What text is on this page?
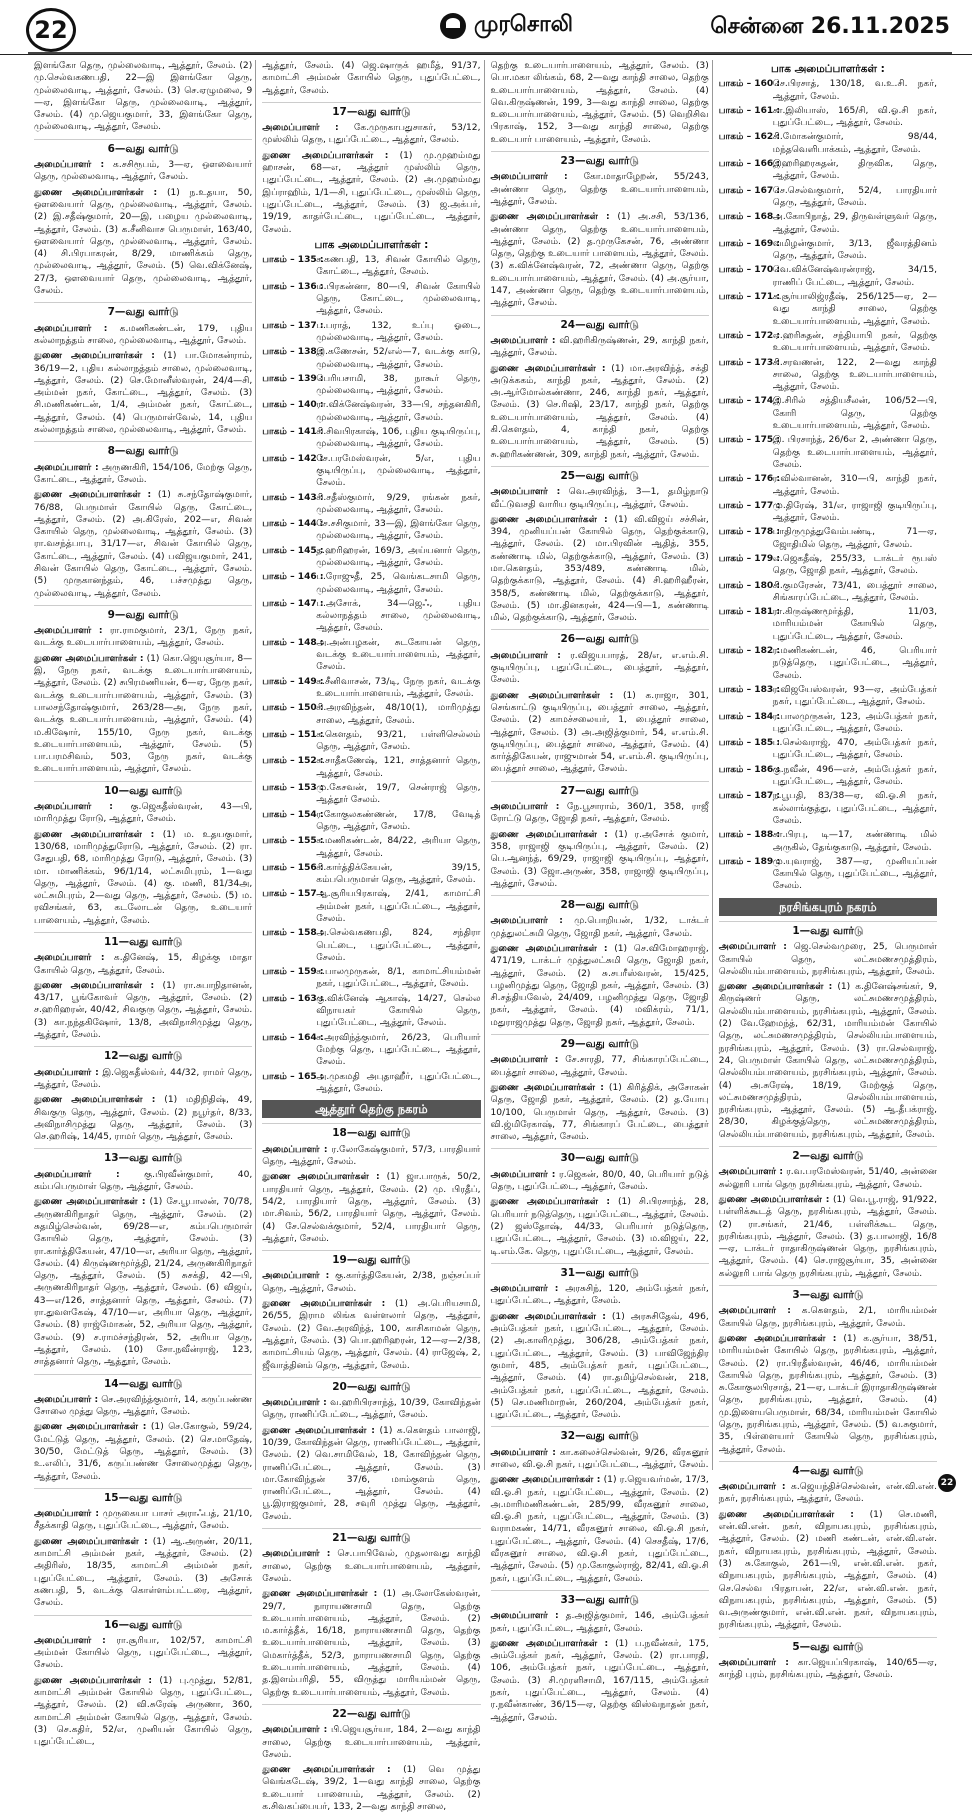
22	முரசொலி	சென்னை 26.11.2025

இளங்கோ தெரு, முல்லைவாடி, ஆத்தூர், சேலம். (2) மு.செல்வகணபதி, 22—இ இளங்கோ தெரு, முல்லைவாடி, ஆத்தூர், சேலம். (3) செ.ஏழுமலை, 9—ஏ, இளங்கோ தெரு, முல்லைவாடி, ஆத்தூர், சேலம். (4) மு.ஜெயகுமார், 33, இளங்கோ தெரு, முல்லைவாடி, ஆத்தூர், சேலம்.

6—வது வார்டு

அமைப்பாளர் : க.சசிரூபம், 3—ஏ, ஔவையார் தெரு, முல்லைவாடி, ஆத்தூர், சேலம்.

துணை அமைப்பாளர்கள் : (1) ந.உதயா, 50, ஔவையார் தெரு, முல்லைவாடி, ஆத்தூர், சேலம். (2) இ.சதீஷ்குமார், 20—இ, பழைய முல்லைவாடி, ஆத்தூர், சேலம். (3) க.சீனிவாச பெருமாள், 163/40, ஔவையார் தெரு, முல்லைவாடி, ஆத்தூர், சேலம். (4) சி.பிரபாகரன், 8/29, மாணிக்கம் தெரு, முல்லைவாடி, ஆத்தூர், சேலம். (5) வெ.விக்னேஷ், 27/3, ஔவையார் தெரு, முல்லைவாடி, ஆத்தூர், சேலம்.

7—வது வார்டு

அமைப்பாளர் : க.மணிகண்டன், 179, புதிய கல்லாநத்தம் சாலை, முல்லைவாடி, ஆத்தூர், சேலம்.

துணை அமைப்பாளர்கள் : (1) பா.மோகன்ராம், 36/19—2, புதிய கல்லாநத்தம் சாலை, முல்லைவாடி, ஆத்தூர், சேலம். (2) செ.மோனீஸ்வரன், 24/4—சி, அம்மன் நகர், கோட்டை, ஆத்தூர், சேலம். (3) சி.மணிகண்டன், 1/4, அம்மன் நகர், கோட்டை, ஆத்தூர், சேலம். (4) பெருமாள்வேல், 14, புதிய கல்லாநத்தம் சாலை, முல்லைவாடி, ஆத்தூர், சேலம்.

8—வது வார்டு

அமைப்பாளர் : அருணகிரி, 154/106, மேற்கு தெரு, கோட்டை, ஆத்தூர், சேலம்.

துணை அமைப்பாளர்கள் : (1) சு.சந்தோஷ்குமார், 76/88, பெருமாள் கோயில் தெரு, கோட்டை, ஆத்தூர், சேலம். (2) அ.கிரேஸ், 202—எ, சிவன் கோயில் தெரு, முல்லைவாடி, ஆத்தூர், சேலம். (3) ரா.வசந்த்பாபு, 31/17—எ, சிவன் கோயில் தெரு, கோட்டை, ஆத்தூர், சேலம். (4) பவிஜயகுமார், 241, சிவன் கோயில் தெரு, கோட்டை, ஆத்தூர், சேலம். (5) முருகானந்தம், 46, பச்சமுத்து தெரு, முல்லைவாடி, ஆத்தூர், சேலம்.

9—வது வார்டு

அமைப்பாளர் : ரா.ராமகுமார், 23/1, நேரு நகர், வடக்கு உடையார்பாளையம், ஆத்தூர், சேலம்.

துணை அமைப்பாளர்கள் : (1) கொ.ஜெயசூர்யா, 8—இ, நேரு நகர், வடக்கு உடையார்பாளையம், ஆத்தூர், சேலம். (2) சுபிரமணியன், 6—ஏ, நேரு நகர், வடக்கு உடையார்பாளையம், ஆத்தூர், சேலம். (3) பாலசந்தோஷ்குமார், 263/28—அ, நேரு நகர், வடக்கு உடையார்பாளையம், ஆத்தூர், சேலம். (4) ம.கிஷோர், 155/10, நேரு நகர், வடக்கு உடையார்பாளையம், ஆத்தூர், சேலம். (5) பா.பரமசிவம், 503, நேரு நகர், வடக்கு உடையார்பாளையம், ஆத்தூர், சேலம்.

10—வது வார்டு

அமைப்பாளர் : கு.ஜெகதீஸ்வரன், 43—பி, மாரிமுத்து ரோடு, ஆத்தூர், சேலம்.

துணை அமைப்பாளர்கள் : (1) ம. உதயகுமார், 130/68, மாரிமுத்துரோடு, ஆத்தூர், சேலம். (2) ரா. சேதுபதி, 68, மாரிமுத்து ரோடு, ஆத்தூர், சேலம். (3) மா. மாணிக்கம், 96/1/14, லட்சுமிபுரம், 1—வது தெரு, ஆத்தூர், சேலம். (4) கு. மணி, 81/34அ, லட்சுமிபுரம், 2—வது தெரு, ஆத்தூர், சேலம். (5) ம. ரவிசங்கர், 63, கடலோடன் தெரு, உடையார் பாளையம், ஆத்தூர், சேலம்.

11—வது வார்டு

அமைப்பாளர் : க.தினேஷ், 15, கிழக்கு மாதா கோயில் தெரு, ஆத்தூர், சேலம்.

துணை அமைப்பாளர்கள் : (1) ரா.சுபாநிதானன், 43/17, பூங்கோவர் தெரு, ஆத்தூர், சேலம். (2) ச.ஹரிஹரன், 40/42, சிவகுரு தெரு, ஆத்தூர், சேலம். (3) கா.நந்தகிஷோர், 13/8, அவிநாசிமுத்து தெரு, ஆத்தூர், சேலம்.

12—வது வார்டு

அமைப்பாளர் : இ.ஜெகதீஸ்வர், 44/32, ராமர் தெரு, ஆத்தூர், சேலம்.

துணை அமைப்பாளர்கள் : (1) மதிநிதிஷ், 49, சிவகுரு தெரு, ஆத்தூர், சேலம். (2) நபூர்தர், 8/33, அவிநாசிமுத்து தெரு, ஆத்தூர், சேலம். (3) செ.ஹரிஷ், 14/45, ராமர் தெரு, ஆத்தூர், சேலம்.

13—வது வார்டு

அமைப்பாளர் : கு.பிரவீன்குமார், 40, கம்பபெருமாள் தெரு, ஆத்தூர், சேலம்.

துணை அமைப்பாளர்கள் : (1) சே.பூபாலன், 70/78, அருணகிரிநாதர் தெரு, ஆத்தூர், சேலம். (2) சுதமிழ்செல்வன், 69/28—எ, கம்பபெருமாள் கோயில் தெரு, ஆத்தூர், சேலம். (3) ரா.கார்த்திகேயன், 47/10—எ, அரியா தெரு, ஆத்தூர், சேலம். (4) கிருஷ்ணமூர்த்தி, 21/24, அருணகிரிநாதர் தெரு, ஆத்தூர், சேலம். (5) சுசக்தி, 42—பி, அருணகிரிநாதர் தெரு, ஆத்தூர், சேலம். (6) விஜய், 43—எ/126, சாத்தனார் தெரு, ஆத்தூர், சேலம். (7) ரா.துவளகேஷ், 47/10—எ, அரியா தெரு, ஆத்தூர், சேலம். (8) ராஜ்மோகன், 52, அரியா தெரு, ஆத்தூர், சேலம். (9) ச.ராமச்சந்திரன், 52, அரியா தெரு, ஆத்தூர், சேலம். (10) சோ.நவீன்ராஜ், 123, சாத்தனார் தெரு, ஆத்தூர், சேலம்.

14—வது வார்டு

அமைப்பாளர் : செ.அரவிந்த்குமார், 14, கருப்பண்ண சோலை முத்து தெரு, ஆத்தூர், சேலம்.

துணை அமைப்பாளர்கள் : (1) செ.கோகுல், 59/24, மேட்டுத் தெரு, ஆத்தூர், சேலம். (2) செ.மாதேஷ், 30/50, மேட்டுத் தெரு, ஆத்தூர், சேலம். (3) உ.எலிப், 31/6, கருப்பண்ண சோலைமுத்து தெரு, ஆத்தூர், சேலம்.

15—வது வார்டு

அமைப்பாளர் : முருகையா பாசர் அராஃபத், 21/10, சீதக்காதி தெரு, புதுப்பேட்டை, ஆத்தூர், சேலம்.

துணை அமைப்பாளர்கள் : (1) ஆ.அருண், 20/11, காமாட்சி அம்மன் நகர், ஆத்தூர், சேலம். (2) அதிரிஸ், 18/35, காமாட்சி அம்மன் நகர், புதுப்பேட்டை, ஆத்தூர், சேலம். (3) அசோக் கணபதி, 5, வடக்கு கொள்ளம்பட்டரை, ஆத்தூர், சேலம்.

16—வது வார்டு

அமைப்பாளர் : ரா.சூரியா, 102/57, காமாட்சி அம்மன் கோயில் தெரு, புதுப்பேட்டை, ஆத்தூர், சேலம்.

துணை அமைப்பாளர்கள் : (1) பு.முத்து, 52/81, காமாட்சி அம்மன் கோயில் தெரு, புதுப்பேட்டை, ஆத்தூர், சேலம். (2) வி.சுரேஷ் அருணா, 360, காமாட்சி அம்மன் கோயில் தெரு, ஆத்தூர், சேலம். (3) செ.கதிர், 52/எ, முனியன் கோயில் தெரு, புதுப்பேட்டை,

ஆத்தூர், சேலம். (4) ஜெ.ஷாருக் ஹமீத், 91/37, காமாட்சி அம்மன் கோயில் தெரு, புதுப்பேட்டை, ஆத்தூர், சேலம்.

17—வது வார்டு

அமைப்பாளர் : கே.முருகாபதுசாகர், 53/12, முஸ்லிம் தெரு, புதுப்பேட்டை, ஆத்தூர், சேலம்.

துணை அமைப்பாளர்கள் : (1) மு.முஹம்மது ஹாசன், 68—எ, ஆத்தூர் முஸ்லிம் தெரு, புதுப்பேட்டை, ஆத்தூர், சேலம். (2) அ.முஹம்மது இப்ராஹிம், 1/1—சி, புதுப்பேட்டை, முஸ்லிம் தெரு, புதுப்பேட்டை, ஆத்தூர், சேலம். (3) ஜ.அக்பர், 19/19, காதர்பேட்டை, புதுப்பேட்டை, ஆத்தூர், சேலம்.

பாக அமைப்பாளர்கள் :
பாகம் – 135 :
ச.கணபதி, 13, சிவன் கோயில் தெரு, கோட்டை, ஆத்தூர், சேலம்.
பாகம் – 136 :
ம.பிரகன்னா, 80—பி, சிவன் கோயில் தெரு, கோட்டை, முல்லைவாடி, ஆத்தூர், சேலம்.
பாகம் – 137 :
ப.பராத், 132, உப்பு ஓடை, முல்லைவாடி, ஆத்தூர், சேலம்.
பாகம் – 138 :
இ.கணேசன், 52/எல்—7, வடக்கு காடு, முல்லைவாடி, ஆத்தூர், சேலம்.
பாகம் – 139 :
பெரியசாமி, 38, நாகூர் தெரு, முல்லைவாடி, ஆத்தூர், சேலம்.
பாகம் – 140 :
ரா.விக்னேஷ்வரன், 33—பி, சந்தனகிரி, முல்லைவாடி, ஆத்தூர், சேலம்.
பாகம் – 141 :
சி.சிவபிரகாஷ், 106, புதிய குடியிருப்பு, முல்லைவாடி, ஆத்தூர், சேலம்.
பாகம் – 142 :
சே.பரமேஸ்வரன், 5/எ, புதிய குடியிருப்பு, முல்லைவாடி, ஆத்தூர், சேலம்.
பாகம் – 143 :
சி.சதீஸ்குமார், 9/29, ரங்கன் நகர், முல்லைவாடி, ஆத்தூர், சேலம்.
பாகம் – 144 :
சே.சசிகுமார், 33—இ, இளங்கோ தெரு, முல்லைவாடி, ஆத்தூர், சேலம்.
பாகம் – 145 :
த.ஹரிஹரன், 169/3, அய்யனார் தெரு, முல்லைவாடி, ஆத்தூர், சேலம்.
பாகம் – 146 :
ப.ரோஜுதீ, 25, வெங்கடசாமி தெரு, முல்லைவாடி, ஆத்தூர், சேலம்.
பாகம் – 147 :
ப.அசோக், 34—ஜெஃ, புதிய கல்லாநத்தம் சாலை, முல்லைவாடி, ஆத்தூர், சேலம்.
பாகம் – 148 :
அ.அன்பழகன், சுடகோயன் தெரு, வடக்கு உடையார்பாளையம், ஆத்தூர், சேலம்.
பாகம் – 149 :
க.சீனிவாசன், 73/டி, நேரு நகர், வடக்கு உடையார்பாளையம், ஆத்தூர், சேலம்.
பாகம் – 150 :
சி.அரவிந்தன், 48/10(1), மாரிமுத்து சாலை, ஆத்தூர், சேலம்.
பாகம் – 151 :
க.கௌதம், 93/21, பள்ளிசெல்லம் தெரு, ஆத்தூர், சேலம்.
பாகம் – 152 :
சு.சாதீகணேஷ், 121, சாத்தனார் தெரு, ஆத்தூர், சேலம்.
பாகம் – 153 :
மு.கேசவன், 19/7, சென்ராஜ் தெரு, ஆத்தூர் சேலம்.
பாகம் – 154 :
ர.கோகுலகண்ணன், 17/8, வேடித் தெரு, ஆத்தூர், சேலம்.
பாகம் – 155 :
க.மணிகண்டன், 84/22, அரியா தெரு, ஆத்தூர், சேலம்.
பாகம் – 156 :
சி.கார்த்திக்கேயன், 39/15, கம்பபெருமாள் தெரு, ஆத்தூர், சேலம்.
பாகம் – 157 :
ஆ.சூரியபிரகாஷ், 2/41, காமாட்சி அம்மன் நகர், புதுப்பேட்டை, ஆத்தூர், சேலம்.
பாகம் – 158 :
அ.செல்வகணபதி, 824, சந்திரா பெட்டை, புதுப்பேட்டை, ஆத்தூர், சேலம்.
பாகம் – 159 :
க.பாலமுருகன், 8/1, காமாட்சியம்மன் நகர், புதுப்பேட்டை, ஆத்தூர், சேலம்.
பாகம் – 163 :
கு.விக்னேஷ் ஆகாஷ், 14/27, செல்ல விநாயகர் கோயில் தெரு, புதுப்பேட்டை, ஆத்தூர், சேலம்.
பாகம் – 164 :
ச.அரவிந்த்குமார், 26/23, பெரியார் மேற்கு தெரு, புதுப்பேட்டை, ஆத்தூர், சேலம்.
பாகம் – 165 :
அ.முகமதி அபுதாஹீர், புதுப்பேட்டை, ஆத்தூர், சேலம்.
ஆத்தூர் தெற்கு நகரம்
18—வது வார்டு

அமைப்பாளர் : ர.லோகேஷ்குமார், 57/3, பாரதியார் தெரு, ஆத்தூர், சேலம்.

துணை அமைப்பாளர்கள் : (1) ஜா.பாருக், 50/2, பாரதியார் தெரு, ஆத்தூர், சேலம். (2) மு. பிரதீப், 54/2, பாரதியார் தெரு, ஆத்தூர், சேலம். (3) மா.சிவம், 56/2, பாரதியார் தெரு, ஆத்தூர், சேலம். (4) சே.செல்வக்குமார், 52/4, பாரதியார் தெரு, ஆத்தூர், சேலம்.

19—வது வார்டு

அமைப்பாளர் : கு.கார்த்திகேயன், 2/38, நஞ்சப்பர் தெரு, ஆத்தூர், சேலம்.

துணை அமைப்பாளர்கள் : (1) அ.பெரியசாமி, 26/55, இராம லிங்க வள்ளலார் தெரு, ஆத்தூர், சேலம். (2) வே.அரவிந்த், 100, காசிகாமன் தெரு, ஆத்தூர், சேலம். (3) பொ.ஹரிஹரன், 12—ஏ—2/38, காமாட்சியம் தெரு, ஆத்தூர், சேலம். (4) ராஜேஷ், 2, ஜீவாத்தினம் தெரு, ஆத்தூர், சேலம்.

20—வது வார்டு

அமைப்பாளர் : வ.ஹரிபிரசாந்த், 10/39, கோவிந்தன் தெரு, ராணிப்பேட்டை, ஆத்தூர், சேலம்.

துணை அமைப்பாளர்கள் : (1) க.கௌதம் பாலாஜி, 10/39, கோவிந்தன் தெரு, ராணிப்பேட்டை, ஆத்தூர், சேலம். (2) வெ.சாமிவேல், 18, கோவிந்தன் தெரு, ராணிப்பேட்டை, ஆத்தூர், சேலம். (3) மா.கோவிந்தன் 37/6, மாம்குளம் தெரு, ராணிப்பேட்டை, ஆத்தூர், சேலம். (4) பூ.இராஜகுமார், 28, சவுரி முத்து தெரு, ஆத்தூர், சேலம்.

21—வது வார்டு

அமைப்பாளர் : செ.பாபிவேல், முதலாவது காந்தி சாலை, தெற்கு உடையார்பாளையம், ஆத்தூர், சேலம்.

துணை அமைப்பாளர்கள் : (1) அ.லோகேஸ்வரன், 29/7, நாராயணசாமி தெரு, தெற்கு உடையார்பாளையம், ஆத்தூர், சேலம். (2) ம.கார்த்தீக், 16/18, நாராயணசாமி தெரு, தெற்கு உடையார்பாளையம், ஆத்தூர், சேலம். (3) மெகார்த்தீக், 52/3, நாராயணசாமி தெரு, தெற்கு உடையார்பாளையம், ஆத்தூர், சேலம். (4) த.இளம்பரிதி, 55, விருத்து மாரியம்மன் தெரு, தெற்கு உடையார்பாளையம், ஆத்தூர், சேலம்.

22—வது வார்டு

அமைப்பாளர் : பி.ஜெயசூர்யா, 184, 2—வது காந்தி சாலை, தெற்கு உடையார்பாளையம், ஆத்தூர், சேலம்.

துணை அமைப்பாளர்கள் : (1) வெ முத்து வெங்கடேஷ், 39/2, 1—வது காந்தி சாலை, தெற்கு உடையார் பாளையம், ஆத்தூர், சேலம். (2) க.சிவகப்பையர், 133, 2—வது காந்தி சாலை,

தெற்கு உடையார்பாளையம், ஆத்தூர், சேலம். (3) பொ.மகா லிங்கம், 68, 2—வது காந்தி சாலை, தெற்கு உடையார்பாளையம், ஆத்தூர், சேலம். (4) வெ.கிருஷ்ணன், 199, 3—வது காந்தி சாலை, தெற்கு உடையார்பாளையம், ஆத்தூர், சேலம். (5) வெறிசிவ பிரகாஷ், 152, 3—வது காந்தி சாலை, தெற்கு உடையார் பாளையம், ஆத்தூர், சேலம்.

23—வது வார்டு

அமைப்பாளர் : கோ.மாதாழேறன், 55/243, அண்ணா தெரு, தெற்கு உடையார்பாளையம், ஆத்தூர், சேலம்.

துணை அமைப்பாளர்கள் : (1) அ.சசி, 53/136, அண்ணா தெரு, தெற்கு உடையார்பாளையம், ஆத்தூர், சேலம். (2) த.முருகேசன், 76, அண்ணா தெரு, தெற்கு உடையார் பாளையம், ஆத்தூர், சேலம். (3) க.விக்னேஷ்வரன், 72, அண்ணா தெரு, தெற்கு உடையார்பாளையம், ஆத்தூர், சேலம். (4) அ.சூர்யா, 147, அண்ணா தெரு, தெற்கு உடையார்பாளையம், ஆத்தூர், சேலம்.

24—வது வார்டு

அமைப்பாளர் : வி.ஹரிகிருஷ்ணன், 29, காந்தி நகர், ஆத்தூர், சேலம்.

துணை அமைப்பாளர்கள் : (1) மா.அரவிந்த், சக்தி அடுக்ககம், காந்தி நகர், ஆத்தூர், சேலம். (2) அ.ஆர்மோல்கண்ணா, 246, காந்தி நகர், ஆத்தூர், சேலம். (3) செ.ரிஷி, 23/17, காந்தி நகர், தெற்கு உடையார்பாளையம், ஆத்தூர், சேலம். (4) கி.கௌதம், 4, காந்தி நகர், தெற்கு உடையார்பாளையம், ஆத்தூர், சேலம். (5) சு.ஹரிகண்ணன், 309, காந்தி நகர், ஆத்தூர், சேலம்.

25—வது வார்டு

அமைப்பாளர் : வெ.அரவிந்த், 3—1, தமிழ்நாடு வீட்டுவசதி வாரிய குடியிருப்பு, ஆத்தூர், சேலம்.

துணை அமைப்பாளர்கள் : (1) வி.விஜய் சச்சின், 394, முனியப்பன் கோயில் தெரு, தெற்குக்காடு, ஆத்தூர், சேலம். (2) மா.பிரவின் ஆதித், 355, கண்ணாடி மில், தெற்குக்காடு, ஆத்தூர், சேலம். (3) மா.கௌதம், 353/489, கண்ணாடி மில், தெற்குக்காடு, ஆத்தூர், சேலம். (4) சி.ஹரிஹீரன், 358/5, கண்ணாடி மில், தெற்குக்காடு, ஆத்தூர், சேலம். (5) மா.தினகரன், 424—பி—1, கண்ணாடி மில், தெற்குக்காடு, ஆத்தூர், சேலம்.

26—வது வார்டு

அமைப்பாளர் : ர.விஜயபாரத், 28/எ, எ.எம்.சி. குடியிருப்பு, புதுப்பேட்டை, பைத்தூர், ஆத்தூர், சேலம்.

துணை அமைப்பாளர்கள் : (1) க.ராஜா, 301, செங்காட்டு குடியிருப்பு, பைத்தூர் சாலை, ஆத்தூர், சேலம். (2) காமச்சலையர், 1, பைத்தூர் சாலை, ஆத்தூர், சேலம். (3) அ.அஜித்குமார், 54, எ.எம்.சி. குடியிருப்பு, பைத்தூர் சாலை, ஆத்தூர், சேலம். (4) கார்த்திகேயன், ராஜுமான் 54, எ.எம்.சி. குடியிருப்பு, பைத்தூர் சாலை, ஆத்தூர், சேலம்.

27—வது வார்டு

அமைப்பாளர் : நே.பூசாராம், 360/1, 358, ராஜீ ரோட்டு தெரு, ஜோதி நகர், ஆத்தூர், சேலம்.

துணை அமைப்பாளர்கள் : (1) ர.அசோக் குமார், 358, ராஜாஜி குடியிருப்பு, ஆத்தூர், சேலம். (2) பெ.ஆனந்த், 69/29, ராஜாஜி குடியிருப்பு, ஆத்தூர், சேலம். (3) ஜோ.அருண், 358, ராஜாஜி குடியிருப்பு, ஆத்தூர், சேலம்.

28—வது வார்டு

அமைப்பாளர் : மு.பொறியன், 1/32, டாக்டர் முத்துலட்சுமி தெரு, ஜோதி நகர், ஆத்தூர், சேலம்.

துணை அமைப்பாளர்கள் : (1) செ.விமோஹராஜ், 471/19, டாக்டர் முத்துலட்சுமி தெரு, ஜோதி நகர், ஆத்தூர், சேலம். (2) சு.சபரீஸ்வரன், 15/425, பழனிமுத்து தெரு, ஜோதி நகர், ஆத்தூர், சேலம். (3) சி.சத்தியவேல், 24/409, பழனிமுத்து தெரு, ஜோதி நகர், ஆத்தூர், சேலம். (4) மவிக்ரம், 71/1, மதுராஜமுத்து தெரு, ஜோதி நகர், ஆத்தூர், சேலம்.

29—வது வார்டு

அமைப்பாளர் : சே.சாரதி, 77, சிங்காரப்பேட்டை, பைத்தூர் சாலை, ஆத்தூர், சேலம்.

துணை அமைப்பாளர்கள் : (1) கிரித்திக், அசோகன் தெரு, ஜோதி நகர், ஆத்தூர், சேலம். (2) த.யோபு 10/100, பெருமாள் தெரு, ஆத்தூர், சேலம். (3) வி.ஜ்மிரேகாஷ், 77, சிங்காரப் பேட்டை, பைத்தூர் சாலை, ஆத்தூர், சேலம்.

30—வது வார்டு

அமைப்பாளர் : ர.ஜெகன், 80/0, 40, பெரியார் நடுத் தெரு, புதுப்பேட்டை, ஆத்தூர், சேலம்.

துணை அமைப்பாளர்கள் : (1) சி.பிரசாந்த், 28, பெரியார் நடுத்தெரு, புதுப்பேட்டை, ஆத்தூர், சேலம். (2) ஜஸ்தோஷ், 44/33, பெரியார் நடுத்தெரு, புதுப்பேட்டை, ஆத்தூர், சேலம். (3) ம.விஜய், 22, டி.எம்.கே. தெரு, புதுப்பேட்டை, ஆத்தூர், சேலம்.

31—வது வார்டு

அமைப்பாளர் : அரசுசிந், 120, அம்பேத்கர் நகர், புதுப்பேட்டை, ஆத்தூர், சேலம்.

துணை அமைப்பாளர்கள் : (1) அரசுசிதேவ், 496, அம்பேத்கர் நகர், புதுப்பேட்டை, ஆத்தூர், சேலம். (2) அ.காளிமுத்து, 306/28, அம்பேத்கர் நகர், புதுப்பேட்டை, ஆத்தூர், சேலம். (3) பாவிஜேந்திர குமார், 485, அம்பேத்கர் நகர், புதுப்பேட்டை, ஆத்தூர், சேலம். (4) ரா.தமிழ்செல்வன், 218, அம்பேத்கர் நகர், புதுப்பேட்டை, ஆத்தூர், சேலம். (5) செ.மணிமாறன், 260/204, அம்பேத்கர் நகர், புதுப்பேட்டை, ஆத்தூர், சேலம்.

32—வது வார்டு

அமைப்பாளர் : கா.கலைச்செல்வன், 9/26, வீரகனூர் சாலை, வி.ஓ.சி நகர், புதுப்பேட்டை, ஆத்தூர், சேலம்.

துணை அமைப்பாளர்கள் : (1) ர.ஜெயவர்மன், 17/3, வி.ஓ.சி நகர், புதுப்பேட்டை, ஆத்தூர், சேலம். (2) அ.மாரிமணிகண்டன், 285/99, வீரகனூர் சாலை, வி.ஓ.சி நகர், புதுப்பேட்டை, ஆத்தூர், சேலம். (3) வராமகண், 14/71, வீரகனூர் சாலை, வி.ஓ.சி நகர், புதுப்பேட்டை, ஆத்தூர், சேலம். (4) செசதீஷ், 17/6, வீரகனூர் சாலை, வி.ஓ.சி நகர், புதுப்பேட்டை, ஆத்தூர், சேலம். (5) மு.கோகுல்ராஜ், 82/41, வி.ஓ.சி நகர், புதுப்பேட்டை, ஆத்தூர், சேலம்.

33—வது வார்டு

அமைப்பாளர் : த.அஜித்குமார், 146, அம்பேத்கர் நகர், புதுப்பேட்டை, ஆத்தூர், சேலம்.

துணை அமைப்பாளர்கள் : (1) ப.நவீன்கர், 175, அம்பேத்கர் நகர், ஆத்தூர், சேலம். (2) ரா.பாரதி, 106, அம்பேத்கர் நகர், புதுப்பேட்டை, ஆத்தூர், சேலம். (3) சி.முரளிசாமி, 167/115, அம்பேத்கர் நகர், புதுப்பேட்டை, ஆத்தூர், சேலம். (4) ர.நவீன்காண், 36/15—ஏ, தெற்கு விஸ்வநாதன் நகர், ஆத்தூர், சேலம்.

பாக அமைப்பாளர்கள் :
பாகம் – 160 :
செ.பிரசாத், 130/18, வ.உ.சி. நகர், ஆத்தூர், சேலம்.
பாகம் – 161 :
சா.இலியாஸ், 165/சி, வி.ஓ.சி நகர், புதுப்பேட்டை, ஆத்தூர், சேலம்.
பாகம் – 162 :
சி.மோகன்குமார், 98/44, மந்தவெளிபாக்கம், ஆத்தூர், சேலம்.
பாகம் – 166 :
இஹரிஹரசுதன், திருவிக, தெரு, ஆத்தூர், சேலம்.
பாகம் – 167 :
செ.செல்வகுமார், 52/4, பாரதியார் தெரு, ஆத்தூர், சேலம்.
பாகம் – 168 :
அ.கோபிநாத், 29, திருவள்ளுவர் தெரு, ஆத்தூர், சேலம்.
பாகம் – 169 :
வமிழன்குமார், 3/13, ஜீவரத்தினம் தெரு, ஆத்தூர், சேலம்.
பாகம் – 170 :
வெ.விக்னேஷ்வரன்ராஜ், 34/15, ராணிப் பேட்டை, ஆத்தூர், சேலம்.
பாகம் – 171 :
க.சூர்யாலிஜ்ரதீஷ், 256/125—ஏ, 2—வது காந்தி சாலை, தெற்கு உடையார்பாளையம், ஆத்தூர், சேலம்.
பாகம் – 172 :
ஏ.ஹரிசுதன், சந்தியாபி நகர், தெற்கு உடையார்பாளையம், ஆத்தூர், சேலம்.
பாகம் – 173 :
சி.சரவணன், 122, 2—வது காந்தி சாலை, தெற்கு உடையார்பாளையம், ஆத்தூர், சேலம்.
பாகம் – 174 :
இ.சிரில் சத்தியசீலன், 106/52—பி, கோரி தெரு, தெற்கு உடையார்பாளையம், ஆத்தூர், சேலம்.
பாகம் – 175 :
இ. பிரசாந்த், 26/6எ 2, அண்ணா தெரு, தெற்கு உடையார்பாளையம், ஆத்தூர், சேலம்.
பாகம் – 176 :
ர.வில்வானன், 310—பி, காந்தி நகர், ஆத்தூர், சேலம்.
பாகம் – 177 :
மு.திரேஷ், 31/எ, ராஜாஜி குடியிருப்பு, ஆத்தூர், சேலம்.
பாகம் – 178 :
பாதிருமுத்துவேம்பண்டி, 71—ஏ, ஜோதிமில் தெரு, ஆத்தூர், சேலம்.
பாகம் – 179 :
எ.ஜெகதீஷ், 255/33, டாக்டர் ரூபஸ் தெரு, ஜோதி நகர், ஆத்தூர், சேலம்.
பாகம் – 180 :
சி.குமரேசன், 73/41, பைத்தூர் சாலை, சிங்காரப்பேட்டை, ஆத்தூர், சேலம்.
பாகம் – 181 :
ரா.கிருஷ்ணமூர்த்தி, 11/03, மாரியம்மன் கோயில் தெரு, புதுப்பேட்டை, ஆத்தூர், சேலம்.
பாகம் – 182 :
ர.மணிகண்டன், 46, பெரியார் நடுத்தெரு, புதுப்பேட்டை, ஆத்தூர், சேலம்.
பாகம் – 183 :
ர.விஜயேஸ்வரன், 93—ஏ, அம்பேத்கர் நகர், புதுப்பேட்டை, ஆத்தூர், சேலம்.
பாகம் – 184 :
ர.பாலமுருகன், 123, அம்பேத்கர் நகர், புதுப்பேட்டை, ஆத்தூர், சேலம்.
பாகம் – 185 :
ப.செல்வராஜ், 470, அம்பேத்கர் நகர், புதுப்பேட்டை, ஆத்தூர், சேலம்.
பாகம் – 186 :
கு.நவீன், 496—எச், அம்பேத்கர் நகர், புதுப்பேட்டை, ஆத்தூர், சேலம்.
பாகம் – 187 :
ந.பூபதி, 83/38—ஏ, வி.ஓ.சி நகர், கல்லாங்குத்து, புதுப்பேட்டை, ஆத்தூர், சேலம்.
பாகம் – 188 :
சா.பிரபு, டி—17, கண்ணாடி மில் அருகில், தேங்குகாடு, ஆத்தூர், சேலம்.
பாகம் – 189 :
மு.யுவராஜ், 387—ஏ, முனியப்பன் கோயில் தெரு, புதுப்பேட்டை, ஆத்தூர், சேலம்.
நரசிங்கபுரம் நகரம்
1—வது வார்டு

அமைப்பாளர் : ஜெ.செல்வமுரை, 25, பெருமாள் கோயில் தெரு, லட்சுமணசமுத்திரம், செல்லியம்பாளையம், நரசிங்கபுரம், ஆத்தூர், சேலம்.

துணை அமைப்பாளர்கள் : (1) க.தினேஷ்சங்கர், 9, கிருஷ்ணர் தெரு, லட்சுமணசமுத்திரம், செல்லியம்பாளையம், நரசிங்கபுரம், ஆத்தூர், சேலம். (2) வே.ஹேமந்த், 62/31, மாரியம்மன் கோயில் தெரு, லட்சுமணசமுத்திரம், செல்லியம்பாளையம், நரசிங்கபுரம், ஆத்தூர், சேலம். (3) ரா.செல்வராஜ், 24, பெருமாள் கோயில் தெரு, லட்சுமணசமுத்திரம், செல்லியம்பாளையம், நரசிங்கபுரம், ஆத்தூர், சேலம். (4) அ.சுரேஷ், 18/19, மேற்குத் தெரு, லட்சுமணசமுத்திரம், செல்லியம்பாளையம், நரசிங்கபுரம், ஆத்தூர், சேலம். (5) ஆ.தீபக்ராஜ், 28/30, கிழக்குத்தெரு, லட்சுமணசமுத்திரம், செல்லியம்பாளையம், நரசிங்கபுரம், ஆத்தூர், சேலம்.

2—வது வார்டு

அமைப்பாளர் : ர.வ.பரமேஸ்வரன், 51/40, அன்னை சுல்லூரி பாங் தெரு நரசிங்கபுரம், ஆத்தூர், சேலம்.

துணை அமைப்பாளர்கள் : (1) வெ.பூ.ராஜ், 91/922, பள்ளிக்கூடத் தெரு, நரசிங்கபுரம், ஆத்தூர், சேலம். (2) ரா.சங்கர், 21/46, பள்ளிக்கூட தெரு, நரசிங்கபுரம், ஆத்தூர், சேலம். (3) த.பாலாஜி, 16/8—ஏ, டாக்டர் ராதாகிருஷ்ணன் தெரு, நரசிங்கபுரம், ஆத்தூர், சேலம். (4) செ.ராஜசூர்யா, 35, அன்னை கல்லூரி பாங் தெரு நரசிங்கபுரம், ஆத்தூர், சேலம்.

3—வது வார்டு

அமைப்பாளர் : க.கௌதம், 2/1, மாரியம்மன் கோயில் தெரு, நரசிங்கபுரம், ஆத்தூர், சேலம்.

துணை அமைப்பாளர்கள் : (1) க.சூர்யா, 38/51, மாரியம்மன் கோயில் தெரு, நரசிங்கபுரம், ஆத்தூர், சேலம். (2) ரா.பிரதீஸ்வரன், 46/46, மாரியம்மன் கோயில் தெரு, நரசிங்கபுரம், ஆத்தூர், சேலம். (3) சு.கோகுலபிரசாத், 21—ஏ, டாக்டர் இராதாகிருஷ்ணன் தெரு, நரசிங்கபுரம், ஆத்தூர், சேலம். (4) மு.இளையபெருமாள், 68/34, மாரியம்மன் கோயில் தெரு, நரசிங்கபுரம், ஆத்தூர், சேலம். (5) வ.சுகுமார், 35, பிள்ளையார் கோயில் தெரு, நரசிங்கபுரம், ஆத்தூர், சேலம்.

4—வது வார்டு

அமைப்பாளர் : க.ஜெயந்திச்செல்வன், என்.வி.என். நகர், நரசிங்கபுரம், ஆத்தூர், சேலம்.

துணை அமைப்பாளர்கள் : (1) செ.மணி, என்.வி.என். நகர், விநாயகபுரம், நரசிங்கபுரம், ஆத்தூர், சேலம். (2) மணி கண்டன், என்.வி.என். நகர், விநாயகபுரம், நரசிங்கபுரம், ஆத்தூர், சேலம். (3) சு.கோகுல், 261—பி, என்.வி.என். நகர், விநாயகபுரம், நரசிங்கபுரம், ஆத்தூர், சேலம். (4) செ.செல்வ பிரதாபன், 22/எ, என்.வி.என். நகர், விநாயகபுரம், நரசிங்கபுரம், ஆத்தூர், சேலம். (5) வ.அருண்குமார், என்.வி.என். நகர், விநாயகபுரம், நரசிங்கபுரம், ஆத்தூர், சேலம்.

5—வது வார்டு

அமைப்பாளர் : கா.ஜெயப்பிரகாஷ், 140/65—ஏ, காந்தி புரம், நரசிங்கபுரம், ஆத்தூர், சேலம்.

22
